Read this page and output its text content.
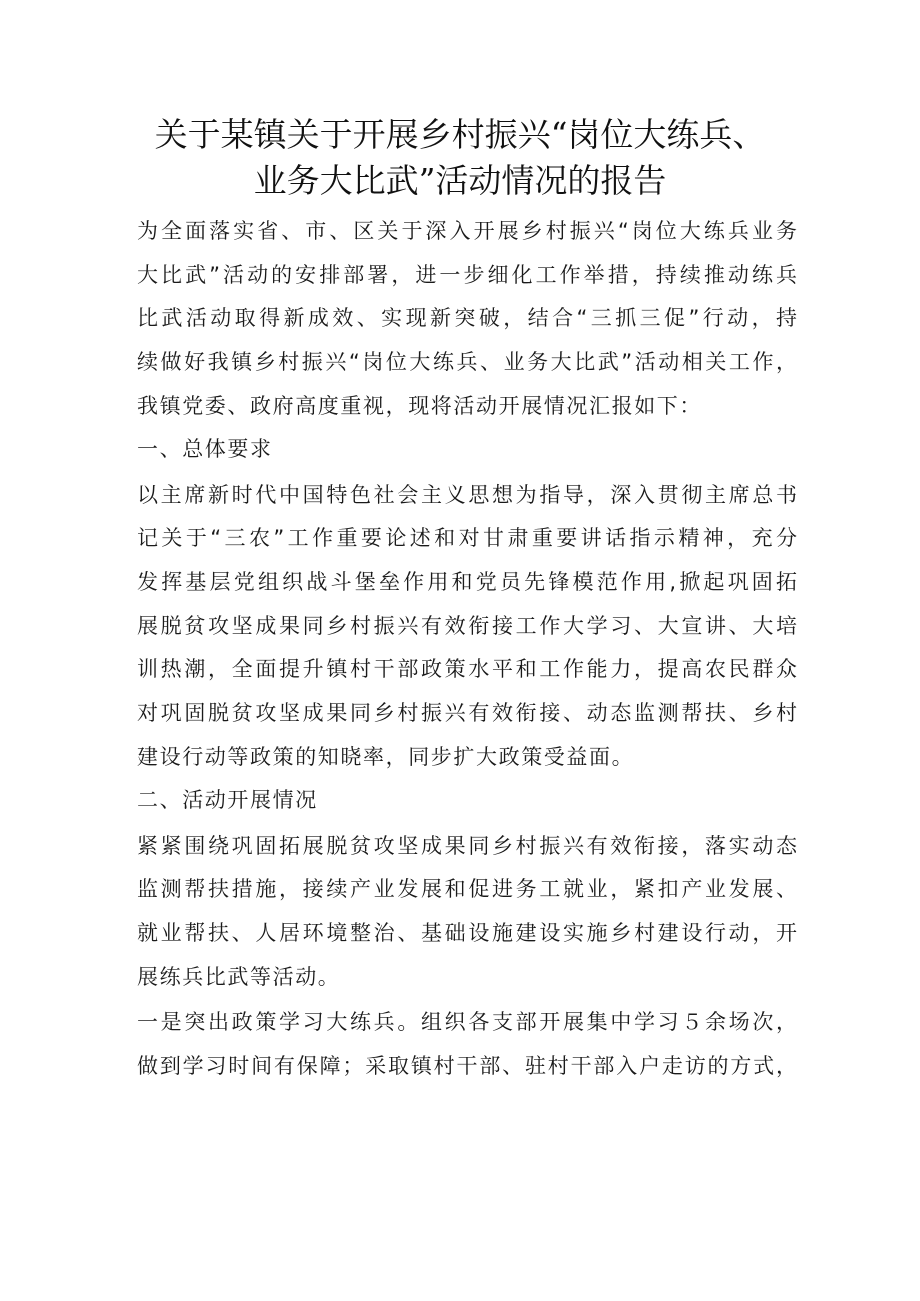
关于某镇关于开展乡村振兴“岗位大练兵、
业务大比武”活动情况的报告
为全面落实省、市、区关于深入开展乡村振兴“岗位大练兵业务
大比武”活动的安排部署，进一步细化工作举措，持续推动练兵
比武活动取得新成效、实现新突破，结合“三抓三促”行动，持
续做好我镇乡村振兴“岗位大练兵、业务大比武”活动相关工作，
我镇党委、政府高度重视，现将活动开展情况汇报如下：
一、总体要求
以主席新时代中国特色社会主义思想为指导，深入贯彻主席总书
记关于“三农”工作重要论述和对甘肃重要讲话指示精神，充分
发挥基层党组织战斗堡垒作用和党员先锋模范作用,掀起巩固拓
展脱贫攻坚成果同乡村振兴有效衔接工作大学习、大宣讲、大培
训热潮，全面提升镇村干部政策水平和工作能力，提高农民群众
对巩固脱贫攻坚成果同乡村振兴有效衔接、动态监测帮扶、乡村
建设行动等政策的知晓率，同步扩大政策受益面。
二、活动开展情况
紧紧围绕巩固拓展脱贫攻坚成果同乡村振兴有效衔接，落实动态
监测帮扶措施，接续产业发展和促进务工就业，紧扣产业发展、
就业帮扶、人居环境整治、基础设施建设实施乡村建设行动，开
展练兵比武等活动。
一是突出政策学习大练兵。组织各支部开展集中学习５余场次，
做到学习时间有保障；采取镇村干部、驻村干部入户走访的方式，
